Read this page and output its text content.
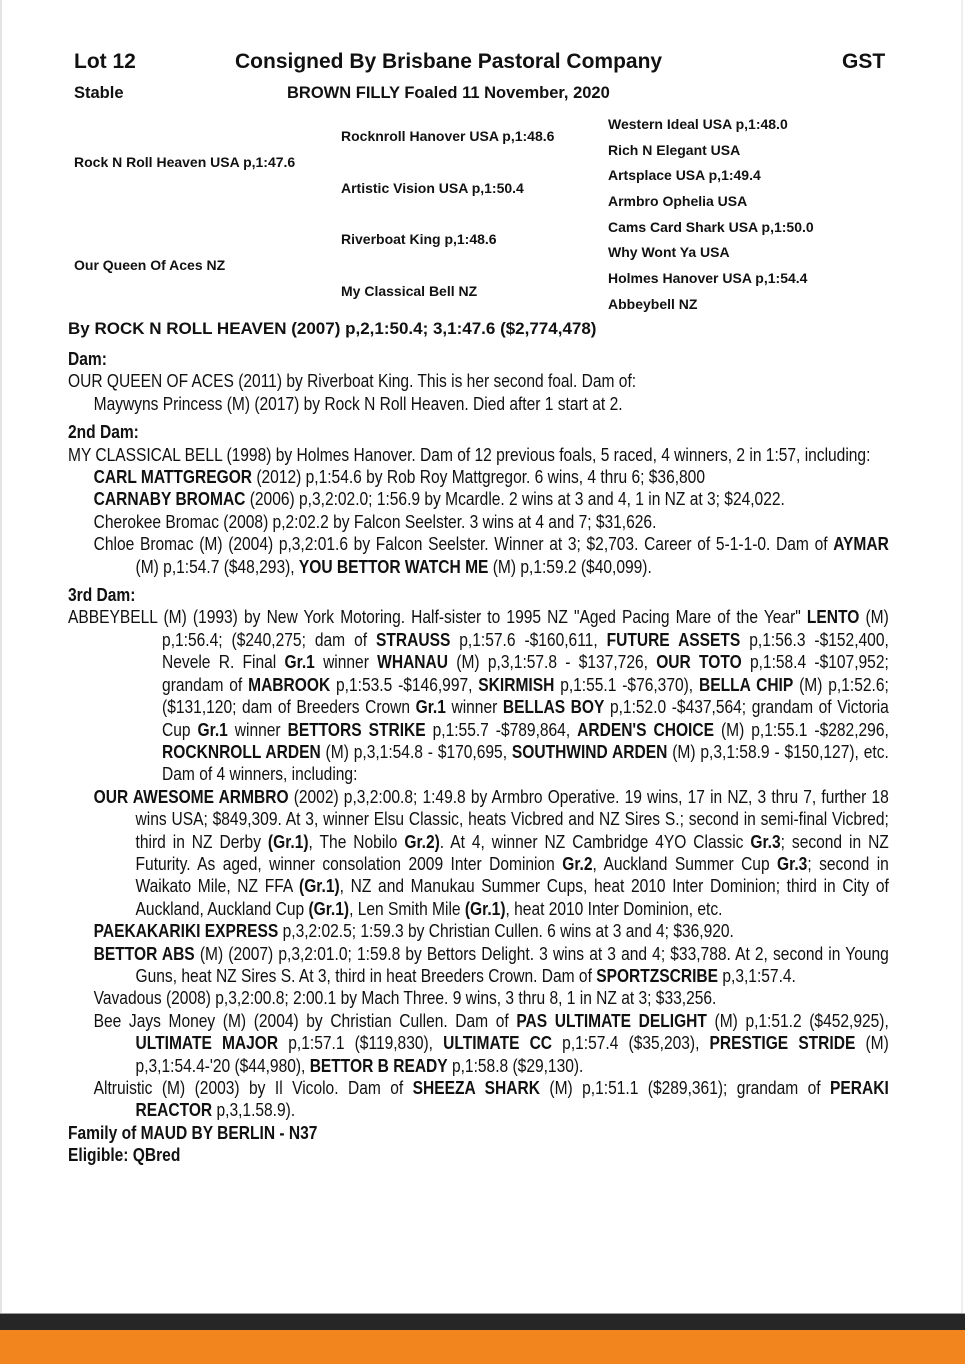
Lot 12	Consigned By Brisbane Pastoral Company	GST
Stable	BROWN FILLY Foaled 11 November, 2020
Rock N Roll Heaven USA p,1:47.6
Our Queen Of Aces NZ
Rocknroll Hanover USA p,1:48.6
Artistic Vision USA p,1:50.4
Riverboat King p,1:48.6
My Classical Bell NZ
Western Ideal USA p,1:48.0
Rich N Elegant USA
Artsplace USA p,1:49.4
Armbro Ophelia USA
Cams Card Shark USA p,1:50.0
Why Wont Ya USA
Holmes Hanover USA p,1:54.4
Abbeybell NZ
By ROCK N ROLL HEAVEN (2007) p,2,1:50.4; 3,1:47.6 ($2,774,478)
Dam:

OUR QUEEN OF ACES (2011) by Riverboat King. This is her second foal. Dam of:

Maywyns Princess (M) (2017) by Rock N Roll Heaven. Died after 1 start at 2.

2nd Dam:

MY CLASSICAL BELL (1998) by Holmes Hanover. Dam of 12 previous foals, 5 raced, 4 winners, 2 in 1:57, including:

CARL MATTGREGOR (2012) p,1:54.6 by Rob Roy Mattgregor. 6 wins, 4 thru 6; $36,800

CARNABY BROMAC (2006) p,3,2:02.0; 1:56.9 by Mcardle. 2 wins at 3 and 4, 1 in NZ at 3; $24,022.

Cherokee Bromac (2008) p,2:02.2 by Falcon Seelster. 3 wins at 4 and 7; $31,626.

Chloe Bromac (M) (2004) p,3,2:01.6 by Falcon Seelster. Winner at 3; $2,703. Career of 5-1-1-0. Dam of AYMAR (M) p,1:54.7 ($48,293), YOU BETTOR WATCH ME (M) p,1:59.2 ($40,099).

3rd Dam:

ABBEYBELL (M) (1993) by New York Motoring. Half-sister to 1995 NZ "Aged Pacing Mare of the Year" LENTO (M) p,1:56.4; ($240,275; dam of STRAUSS p,1:57.6 -$160,611, FUTURE ASSETS p,1:56.3 -$152,400, Nevele R. Final Gr.1 winner WHANAU (M) p,3,1:57.8 - $137,726, OUR TOTO p,1:58.4 -$107,952; grandam of MABROOK p,1:53.5 -$146,997, SKIRMISH p,1:55.1 -$76,370), BELLA CHIP (M) p,1:52.6; ($131,120; dam of Breeders Crown Gr.1 winner BELLAS BOY p,1:52.0 -$437,564; grandam of Victoria Cup Gr.1 winner BETTORS STRIKE p,1:55.7 -$789,864, ARDEN'S CHOICE (M) p,1:55.1 -$282,296, ROCKNROLL ARDEN (M) p,3,1:54.8 - $170,695, SOUTHWIND ARDEN (M) p,3,1:58.9 - $150,127), etc. Dam of 4 winners, including:

OUR AWESOME ARMBRO (2002) p,3,2:00.8; 1:49.8 by Armbro Operative. 19 wins, 17 in NZ, 3 thru 7, further 18 wins USA; $849,309. At 3, winner Elsu Classic, heats Vicbred and NZ Sires S.; second in semi-final Vicbred; third in NZ Derby (Gr.1), The Nobilo Gr.2). At 4, winner NZ Cambridge 4YO Classic Gr.3; second in NZ Futurity. As aged, winner consolation 2009 Inter Dominion Gr.2, Auckland Summer Cup Gr.3; second in Waikato Mile, NZ FFA (Gr.1), NZ and Manukau Summer Cups, heat 2010 Inter Dominion; third in City of Auckland, Auckland Cup (Gr.1), Len Smith Mile (Gr.1), heat 2010 Inter Dominion, etc.

PAEKAKARIKI EXPRESS p,3,2:02.5; 1:59.3 by Christian Cullen. 6 wins at 3 and 4; $36,920.

BETTOR ABS (M) (2007) p,3,2:01.0; 1:59.8 by Bettors Delight. 3 wins at 3 and 4; $33,788. At 2, second in Young Guns, heat NZ Sires S. At 3, third in heat Breeders Crown. Dam of SPORTZSCRIBE p,3,1:57.4.

Vavadous (2008) p,3,2:00.8; 2:00.1 by Mach Three. 9 wins, 3 thru 8, 1 in NZ at 3; $33,256.

Bee Jays Money (M) (2004) by Christian Cullen. Dam of PAS ULTIMATE DELIGHT (M) p,1:51.2 ($452,925), ULTIMATE MAJOR p,1:57.1 ($119,830), ULTIMATE CC p,1:57.4 ($35,203), PRESTIGE STRIDE (M) p,3,1:54.4-'20 ($44,980), BETTOR B READY p,1:58.8 ($29,130).

Altruistic (M) (2003) by Il Vicolo. Dam of SHEEZA SHARK (M) p,1:51.1 ($289,361); grandam of PERAKI REACTOR p,3,1.58.9).

Family of MAUD BY BERLIN - N37
Eligible: QBred
